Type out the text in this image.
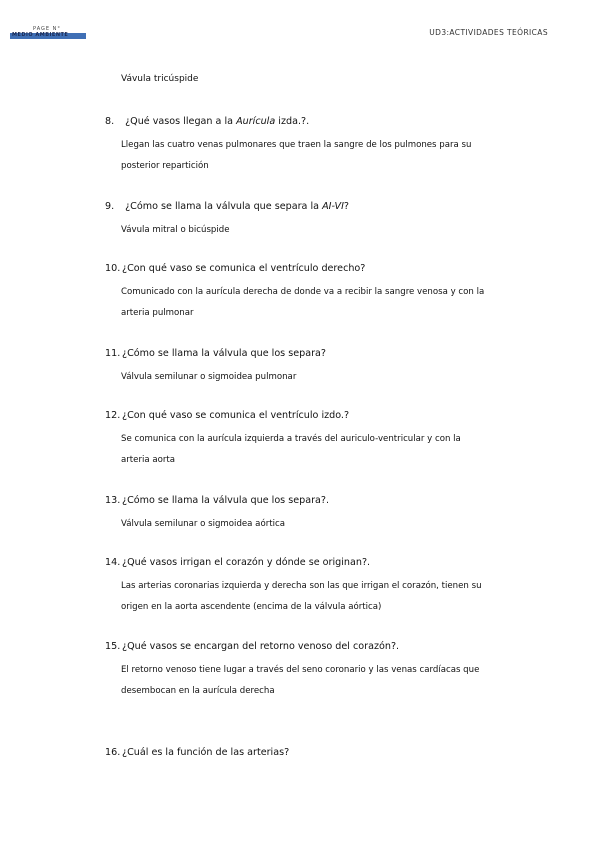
PAGE N°
MEDIO AMBIENTE	UD3:ACTIVIDADES TEÓRICAS
Vávula tricúspide
8. ¿Qué vasos llegan a la Aurícula izda.?.
Llegan las cuatro venas pulmonares que traen la sangre de los pulmones para su
posterior repartición
9. ¿Cómo se llama la válvula que separa la AI-VI?
Vávula mitral o bicúspide
10. ¿Con qué vaso se comunica el ventrículo derecho?
Comunicado con la aurícula derecha de donde va a recibir la sangre venosa y con la
arteria pulmonar
11. ¿Cómo se llama la válvula que los separa?
Válvula semilunar o sigmoidea pulmonar
12. ¿Con qué vaso se comunica el ventrículo izdo.?
Se comunica con la aurícula izquierda a través del auriculo-ventricular y con la
arteria aorta
13. ¿Cómo se llama la válvula que los separa?.
Válvula semilunar o sigmoidea aórtica
14. ¿Qué vasos irrigan el corazón y dónde se originan?.
Las arterias coronarias izquierda y derecha son las que irrigan el corazón, tienen su
origen en la aorta ascendente (encima de la válvula aórtica)
15. ¿Qué vasos se encargan del retorno venoso del corazón?.
El retorno venoso tiene lugar a través del seno coronario y las venas cardíacas que
desembocan en la aurícula derecha
16. ¿Cuál es la función de las arterias?
